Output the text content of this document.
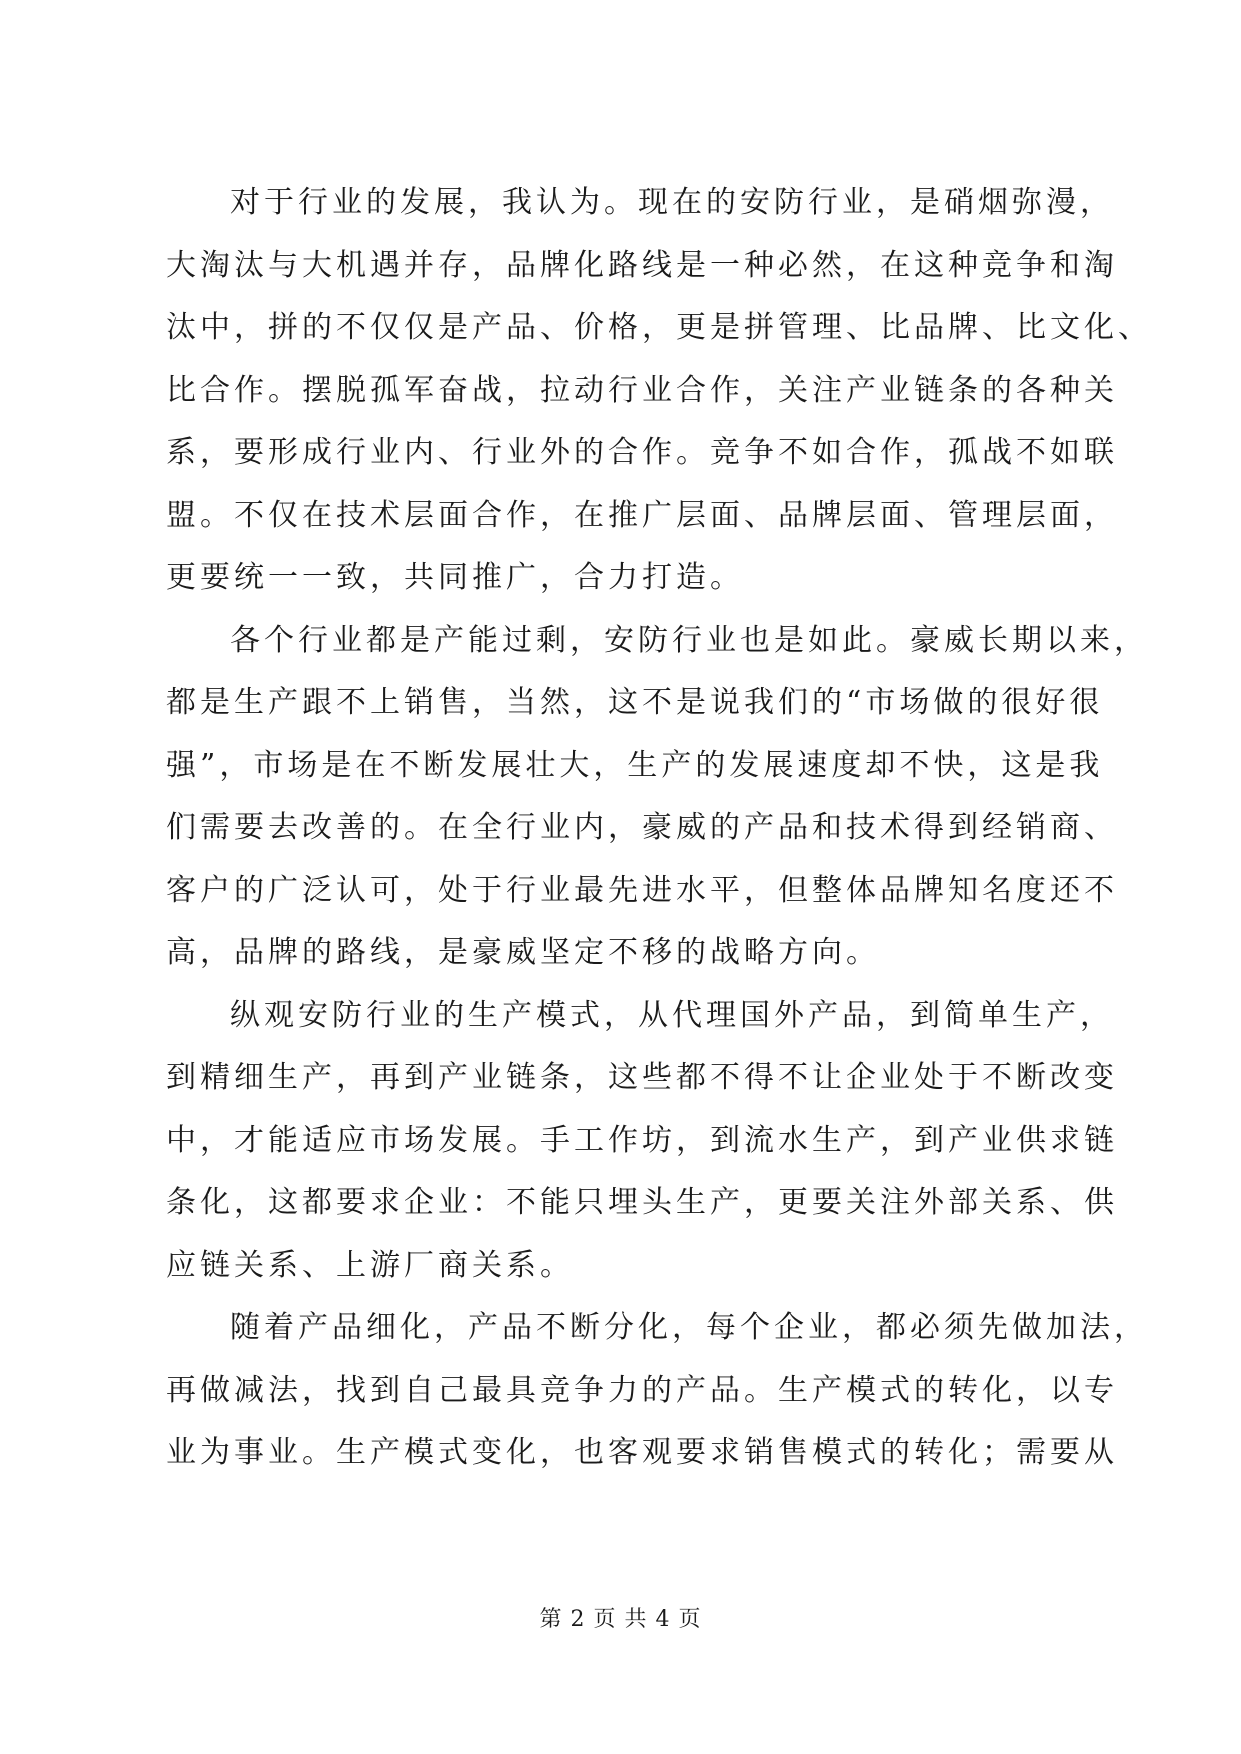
对于行业的发展，我认为。现在的安防行业，是硝烟弥漫，
大淘汰与大机遇并存，品牌化路线是一种必然，在这种竞争和淘
汰中，拼的不仅仅是产品、价格，更是拼管理、比品牌、比文化、
比合作。摆脱孤军奋战，拉动行业合作，关注产业链条的各种关
系，要形成行业内、行业外的合作。竞争不如合作，孤战不如联
盟。不仅在技术层面合作，在推广层面、品牌层面、管理层面，
更要统一一致，共同推广，合力打造。
各个行业都是产能过剩，安防行业也是如此。豪威长期以来，
都是生产跟不上销售，当然，这不是说我们的“市场做的很好很
强”，市场是在不断发展壮大，生产的发展速度却不快，这是我
们需要去改善的。在全行业内，豪威的产品和技术得到经销商、
客户的广泛认可，处于行业最先进水平，但整体品牌知名度还不
高，品牌的路线，是豪威坚定不移的战略方向。
纵观安防行业的生产模式，从代理国外产品，到简单生产，
到精细生产，再到产业链条，这些都不得不让企业处于不断改变
中，才能适应市场发展。手工作坊，到流水生产，到产业供求链
条化，这都要求企业：不能只埋头生产，更要关注外部关系、供
应链关系、上游厂商关系。
随着产品细化，产品不断分化，每个企业，都必须先做加法，
再做减法，找到自己最具竞争力的产品。生产模式的转化，以专
业为事业。生产模式变化，也客观要求销售模式的转化；需要从
第 2 页 共 4 页
